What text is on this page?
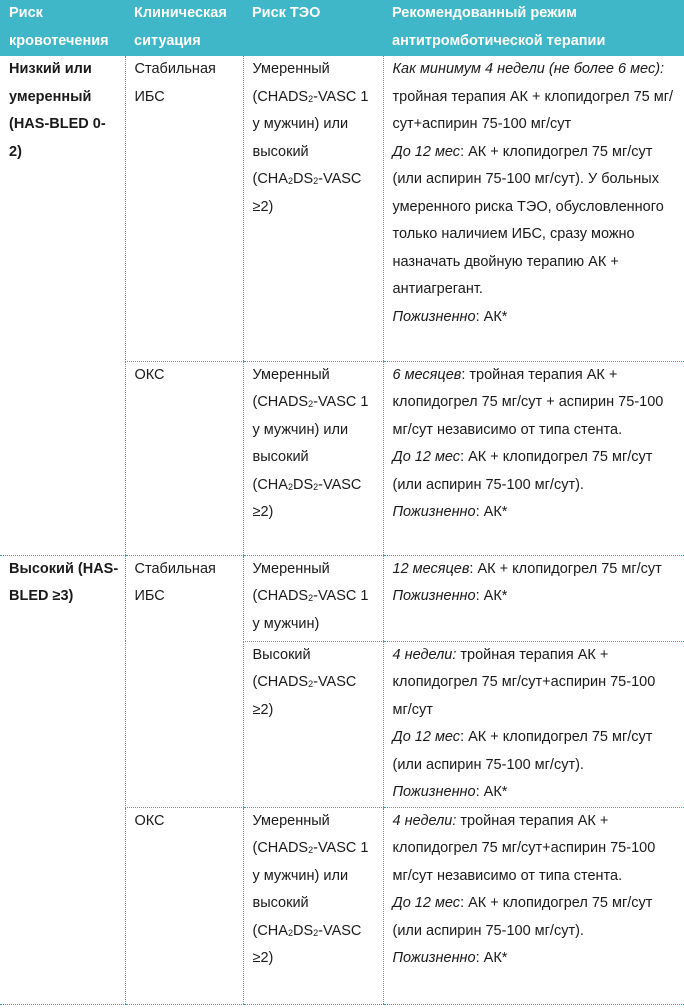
Риск кровотечения	Клиническая ситуация	Риск ТЭО	Рекомендованный режим антитромботической терапии
Низкий или умеренный (HAS-BLED 0-2)	Стабильная ИБС	Умеренный ($CHADS_2$-VASC 1 у мужчин) или высокий ($CHA_2DS_2$-VASC ≥2)	Как минимум 4 недели (не более 6 мес): тройная терапия АК + клопидогрел 75 мг/сут+аспирин 75-100 мг/сут
До 12 мес: АК + клопидогрел 75 мг/сут (или аспирин 75-100 мг/сут). У больных умеренного риска ТЭО, обусловленного только наличием ИБС, сразу можно назначать двойную терапию АК + антиагрегант.
Пожизненно: АК*

	ОКС	Умеренный ($CHADS_2$-VASC 1 у мужчин) или высокий ($CHA_2DS_2$-VASC ≥2)	6 месяцев: тройная терапия АК + клопидогрел 75 мг/сут + аспирин 75-100 мг/сут независимо от типа стента.
До 12 мес: АК + клопидогрел 75 мг/сут (или аспирин 75-100 мг/сут).
Пожизненно: АК*

Высокий (HAS-BLED ≥3)	Стабильная ИБС	Умеренный ($CHADS_2$-VASC 1 у мужчин)	12 месяцев: АК + клопидогрел 75 мг/сут Пожизненно: АК*

		Высокий ($CHADS_2$-VASC ≥2)	4 недели: тройная терапия АК + клопидогрел 75 мг/сут+аспирин 75-100 мг/сут
До 12 мес: АК + клопидогрел 75 мг/сут (или аспирин 75-100 мг/сут).
Пожизненно: АК*

	ОКС	Умеренный ($CHADS_2$-VASC 1 у мужчин) или высокий ($CHA_2DS_2$-VASC ≥2)	4 недели: тройная терапия АК + клопидогрел 75 мг/сут+аспирин 75-100 мг/сут независимо от типа стента.
До 12 мес: АК + клопидогрел 75 мг/сут (или аспирин 75-100 мг/сут).
Пожизненно: АК*
